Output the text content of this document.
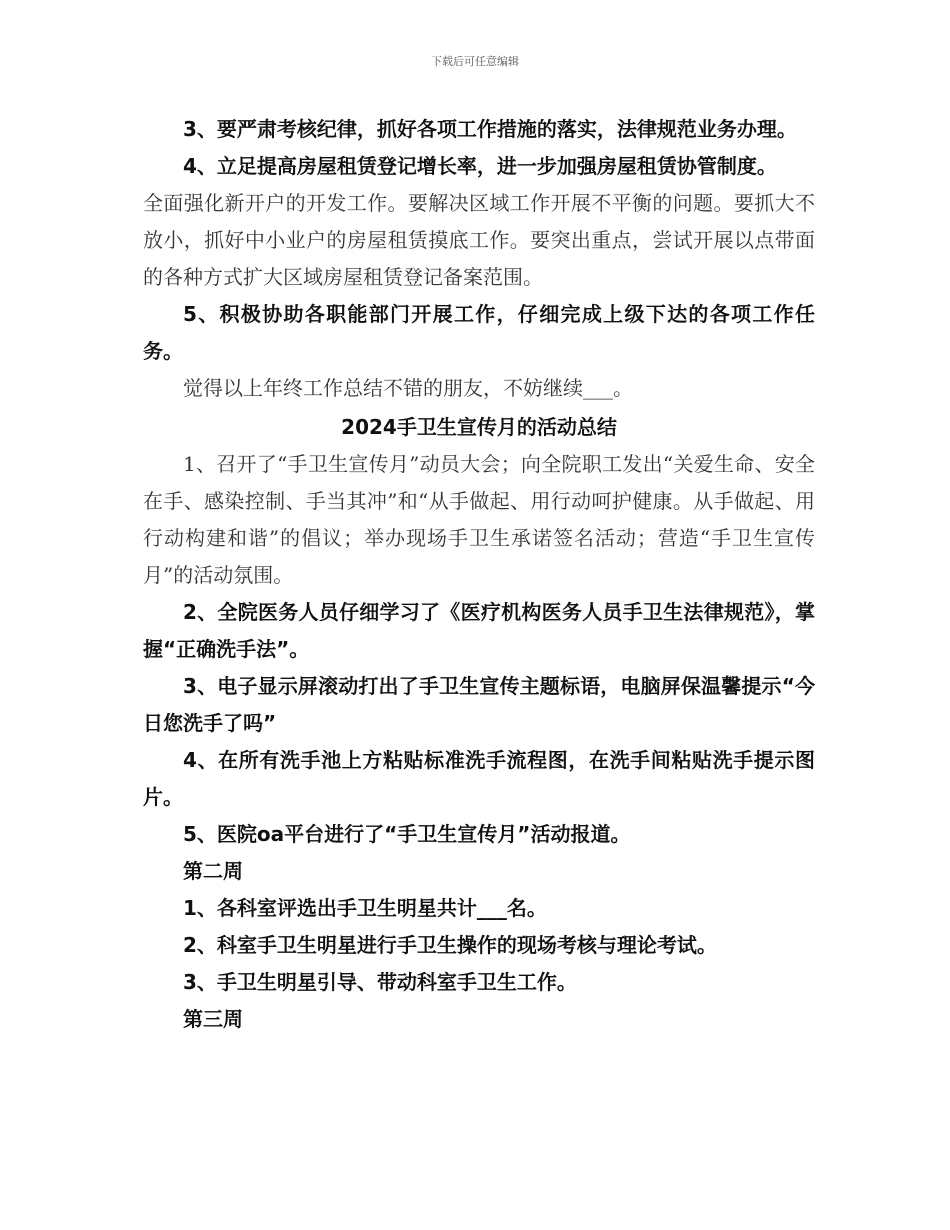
下载后可任意编辑

3、要严肃考核纪律，抓好各项工作措施的落实，法律规范业务办理。

4、立足提高房屋租赁登记增长率，进一步加强房屋租赁协管制度。

全面强化新开户的开发工作。要解决区域工作开展不平衡的问题。要抓大不放小，抓好中小业户的房屋租赁摸底工作。要突出重点，尝试开展以点带面的各种方式扩大区域房屋租赁登记备案范围。

5、积极协助各职能部门开展工作，仔细完成上级下达的各项工作任务。

觉得以上年终工作总结不错的朋友，不妨继续___。

2024手卫生宣传月的活动总结

1、召开了“手卫生宣传月”动员大会；向全院职工发出“关爱生命、安全在手、感染控制、手当其冲”和“从手做起、用行动呵护健康。从手做起、用行动构建和谐”的倡议；举办现场手卫生承诺签名活动；营造“手卫生宣传月”的活动氛围。

2、全院医务人员仔细学习了《医疗机构医务人员手卫生法律规范》，掌握“正确洗手法”。

3、电子显示屏滚动打出了手卫生宣传主题标语，电脑屏保温馨提示“今日您洗手了吗”

4、在所有洗手池上方粘贴标准洗手流程图，在洗手间粘贴洗手提示图片。

5、医院oa平台进行了“手卫生宣传月”活动报道。

第二周

1、各科室评选出手卫生明星共计___名。

2、科室手卫生明星进行手卫生操作的现场考核与理论考试。

3、手卫生明星引导、带动科室手卫生工作。

第三周
